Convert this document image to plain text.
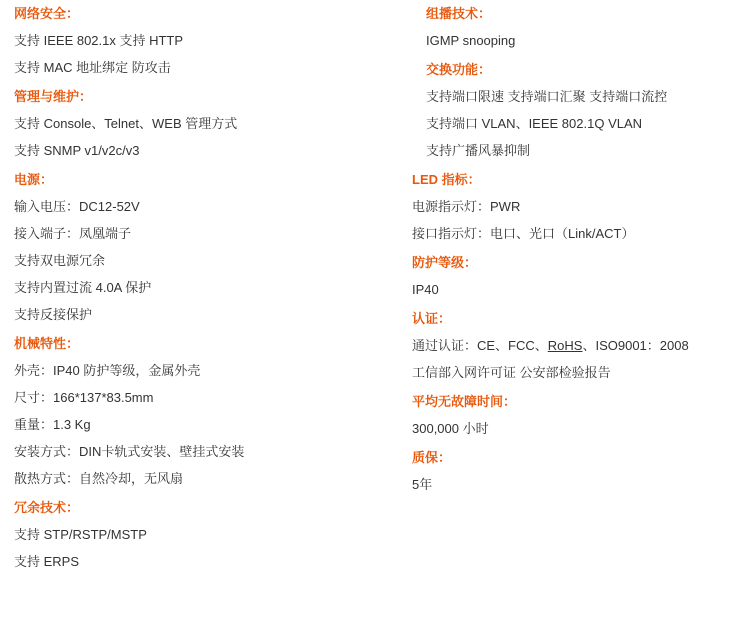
网络安全：
支持 IEEE 802.1x 支持 HTTP
支持 MAC 地址绑定 防攻击
管理与维护：
支持 Console、Telnet、WEB 管理方式
支持 SNMP v1/v2c/v3
电源：
输入电压：DC12-52V
接入端子：凤凰端子
支持双电源冗余
支持内置过流 4.0A 保护
支持反接保护
机械特性：
外壳：IP40 防护等级，金属外壳
尺寸：166*137*83.5mm
重量：1.3 Kg
安装方式：DIN卡轨式安装、壁挂式安装
散热方式：自然冷却，无风扇
冗余技术：
支持 STP/RSTP/MSTP
支持 ERPS
组播技术：
IGMP snooping
交换功能：
支持端口限速 支持端口汇聚 支持端口流控
支持端口 VLAN、IEEE 802.1Q VLAN
支持广播风暴抑制
LED 指标：
电源指示灯：PWR
接口指示灯：电口、光口（Link/ACT）
防护等级：
IP40
认证：
通过认证：CE、FCC、RoHS、ISO9001：2008
工信部入网许可证 公安部检验报告
平均无故障时间：
300,000 小时
质保：
5年
